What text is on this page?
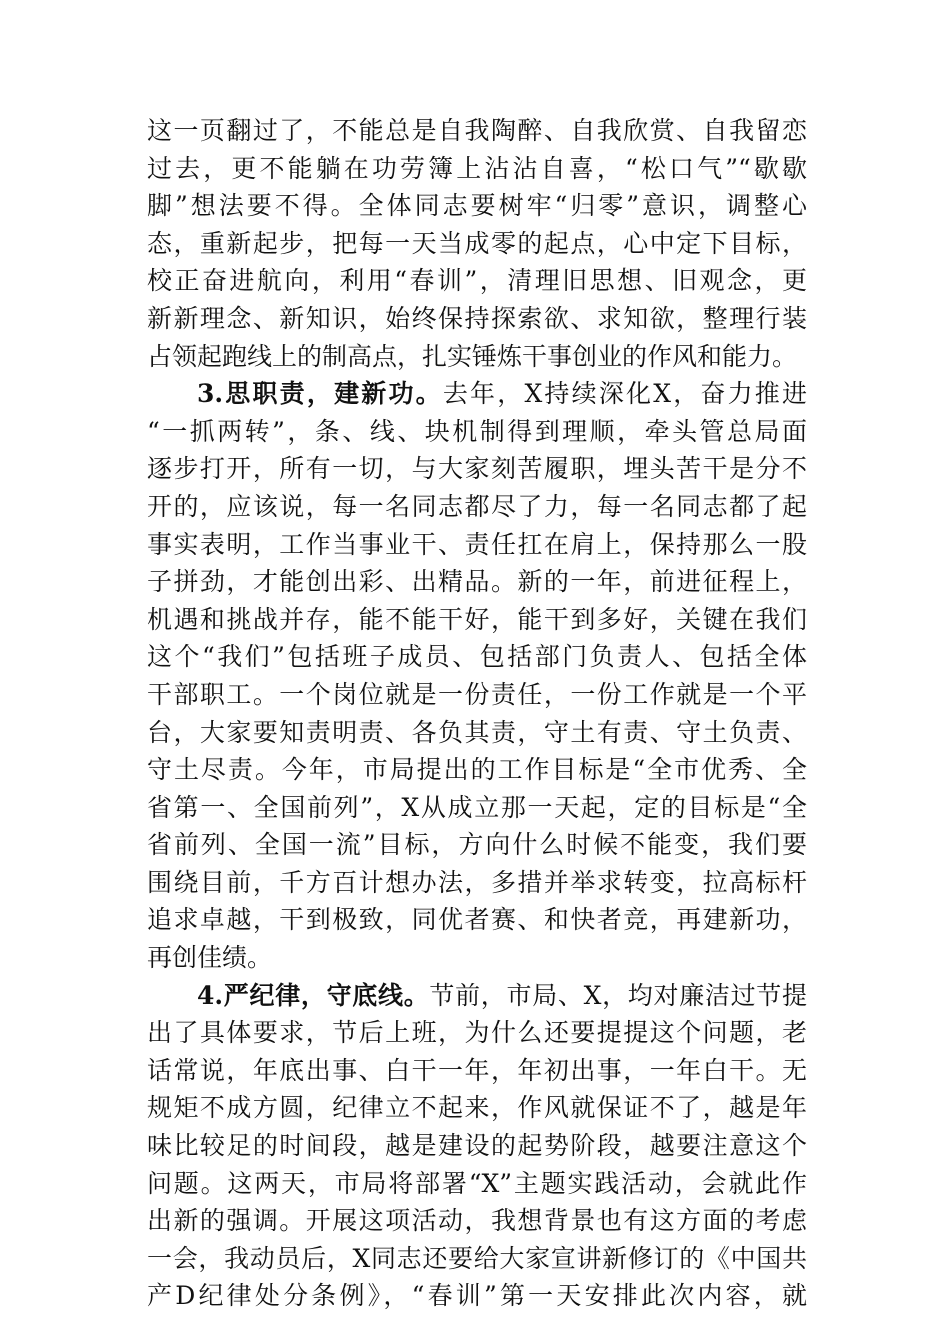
这一页翻过了，不能总是自我陶醉、自我欣赏、自我留恋
过去，更不能躺在功劳簿上沾沾自喜，“松口气”“歇歇
脚”想法要不得。全体同志要树牢“归零”意识，调整心
态，重新起步，把每一天当成零的起点，心中定下目标，
校正奋进航向，利用“春训”，清理旧思想、旧观念，更
新新理念、新知识，始终保持探索欲、求知欲，整理行装
占领起跑线上的制高点，扎实锤炼干事创业的作风和能力。
3.思职责，建新功。去年，X持续深化X，奋力推进
“一抓两转”，条、线、块机制得到理顺，牵头管总局面
逐步打开，所有一切，与大家刻苦履职，埋头苦干是分不
开的，应该说，每一名同志都尽了力，每一名同志都了起
事实表明，工作当事业干、责任扛在肩上，保持那么一股
子拼劲，才能创出彩、出精品。新的一年，前进征程上，
机遇和挑战并存，能不能干好，能干到多好，关键在我们
这个“我们”包括班子成员、包括部门负责人、包括全体
干部职工。一个岗位就是一份责任，一份工作就是一个平
台，大家要知责明责、各负其责，守土有责、守土负责、
守土尽责。今年，市局提出的工作目标是“全市优秀、全
省第一、全国前列”，X从成立那一天起，定的目标是“全
省前列、全国一流”目标，方向什么时候不能变，我们要
围绕目前，千方百计想办法，多措并举求转变，拉高标杆
追求卓越，干到极致，同优者赛、和快者竞，再建新功，
再创佳绩。
4.严纪律，守底线。节前，市局、X，均对廉洁过节提
出了具体要求，节后上班，为什么还要提提这个问题，老
话常说，年底出事、白干一年，年初出事，一年白干。无
规矩不成方圆，纪律立不起来，作风就保证不了，越是年
味比较足的时间段，越是建设的起势阶段，越要注意这个
问题。这两天，市局将部署“X”主题实践活动，会就此作
出新的强调。开展这项活动，我想背景也有这方面的考虑
一会，我动员后，X同志还要给大家宣讲新修订的《中国共
产D纪律处分条例》，“春训”第一天安排此次内容，就
